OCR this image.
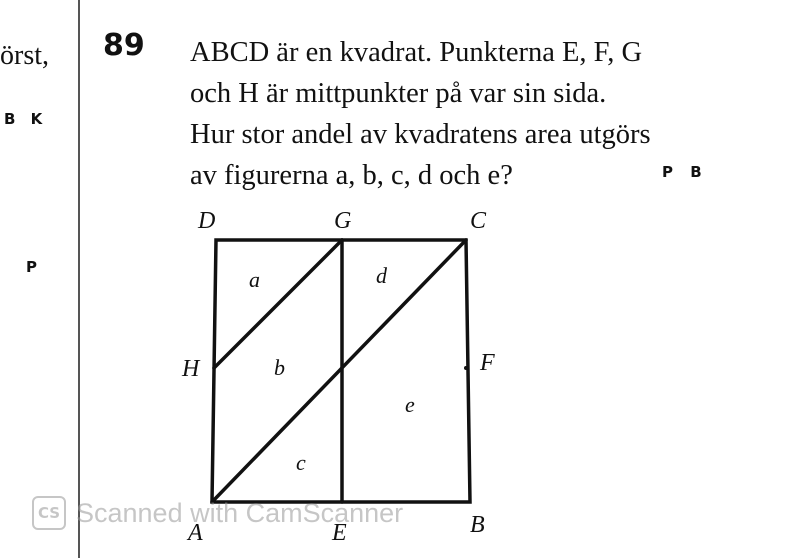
örst,
B K
P
89 ABCD är en kvadrat. Punkterna E, F, G
och H är mittpunkter på var sin sida.
Hur stor andel av kvadratens area utgörs
av figurerna a, b, c, d och e?	P B
D	G	C
H	F
A	E	B
a	d
b
e
c
CS Scanned with CamScanner
